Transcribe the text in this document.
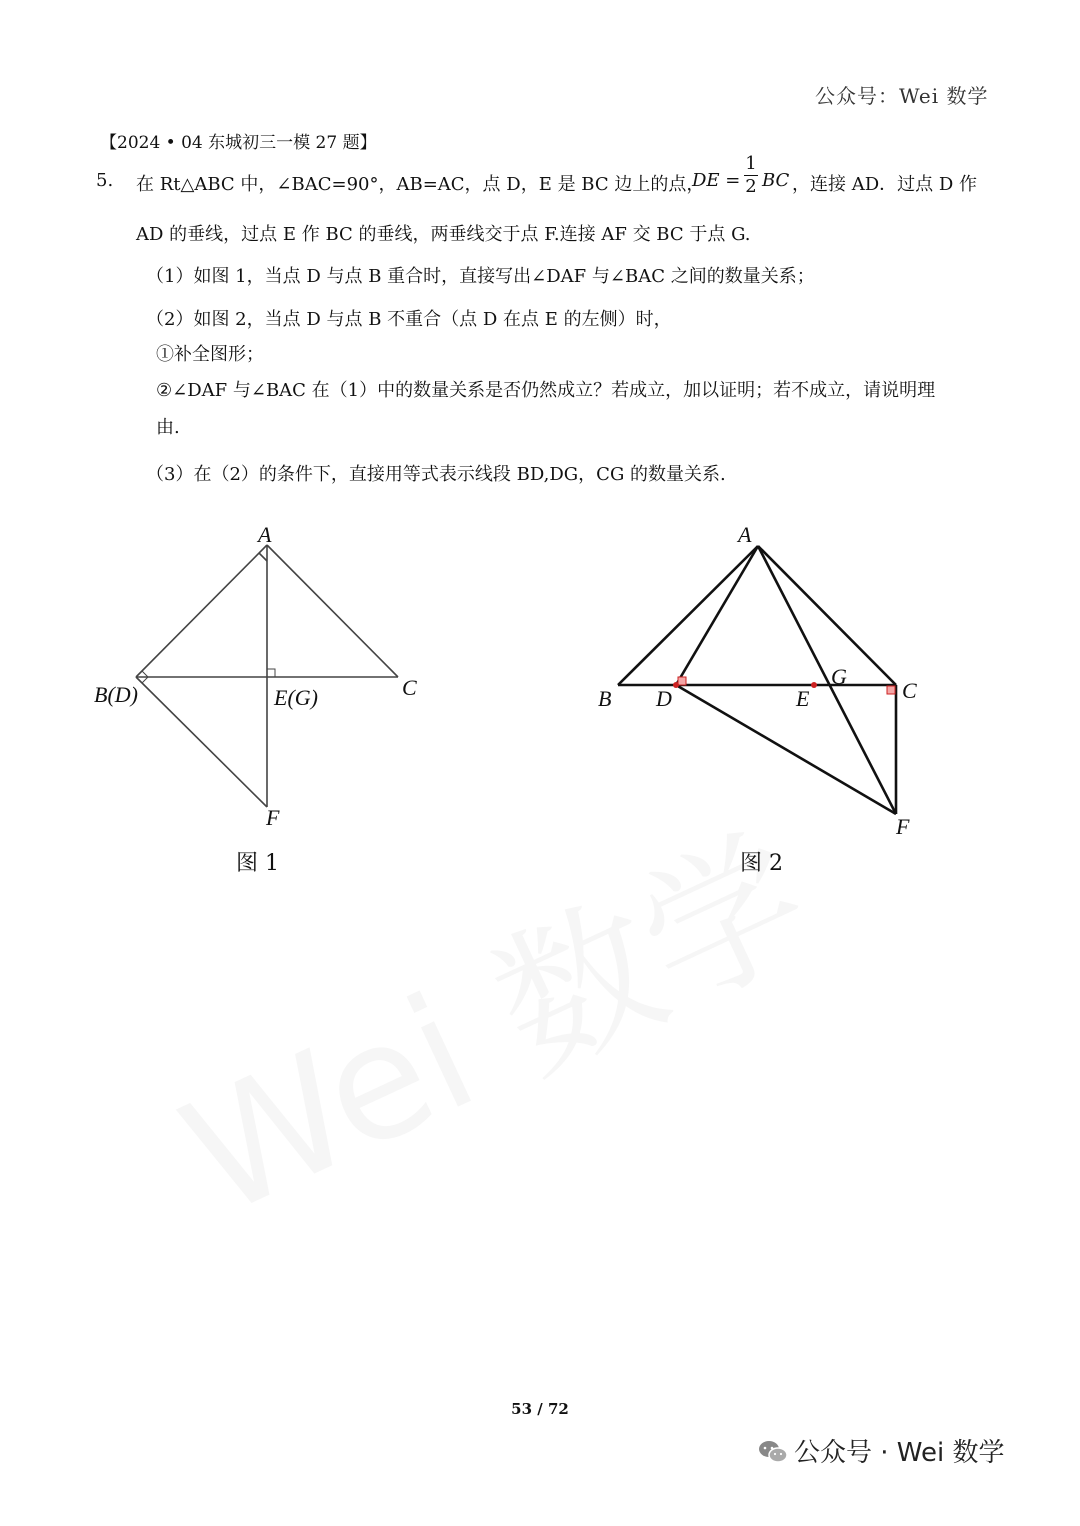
公众号：Wei 数学
【2024 • 04 东城初三一模 27 题】
5. 在 Rt△ABC 中，∠BAC=90°，AB=AC，点 D，E 是 BC 边上的点，
DE = $\frac{1}{2}$ BC ，连接 AD．过点 D 作
AD 的垂线，过点 E 作 BC 的垂线，两垂线交于点 F.连接 AF 交 BC 于点 G.
（1）如图 1，当点 D 与点 B 重合时，直接写出∠DAF 与∠BAC 之间的数量关系；
（2）如图 2，当点 D 与点 B 不重合（点 D 在点 E 的左侧）时，
①补全图形；
②∠DAF 与∠BAC 在（1）中的数量关系是否仍然成立？若成立，加以证明；若不成立，请说明理
由.
（3）在（2）的条件下，直接用等式表示线段 BD,DG，CG 的数量关系.
A
B(D)	C
E(G)
F
图 1
A
B D	E
G
C
F
图 2
53 / 72
公众号 · Wei 数学
